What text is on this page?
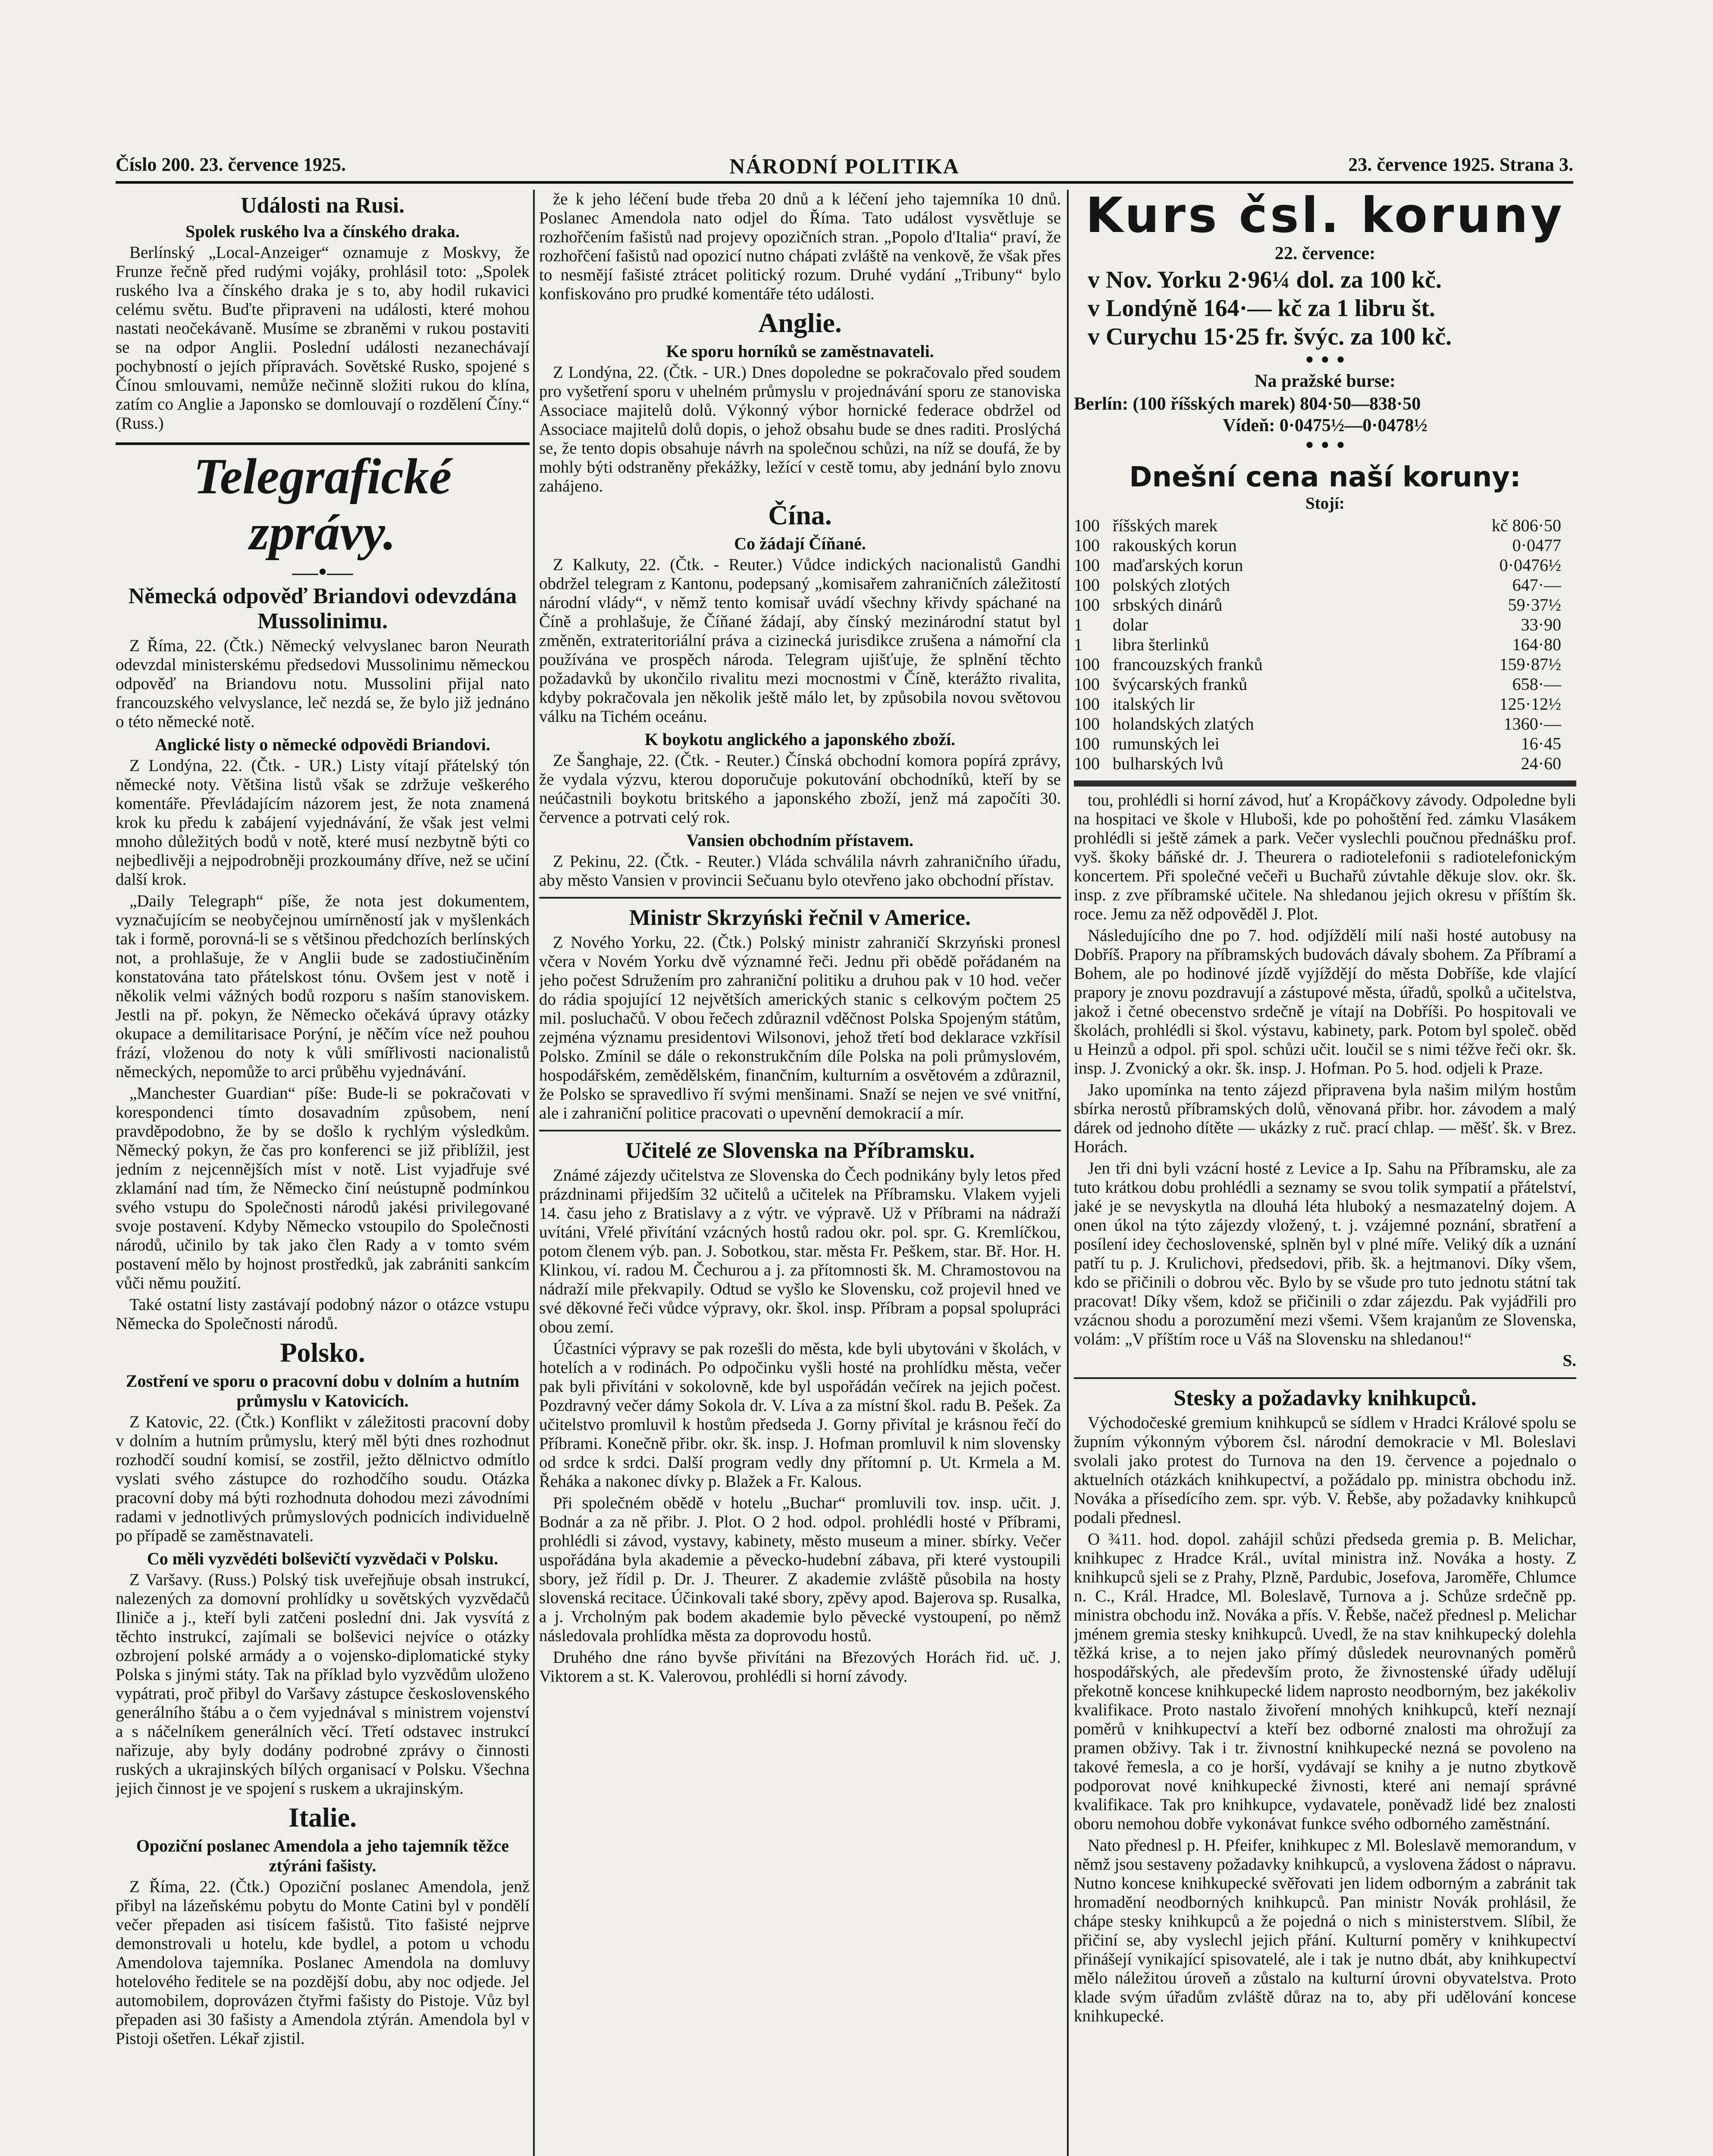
Číslo 200. 23. července 1925.	NÁRODNÍ POLITIKA	23. července 1925. Strana 3.
Události na Rusi.
Spolek ruského lva a čínského draka.

Berlínský „Local-Anzeiger“ oznamuje z Moskvy, že Frunze řečně před rudými vojáky, prohlásil toto: „Spolek ruského lva a čínského draka je s to, aby hodil rukavici celému světu. Buďte připraveni na události, které mohou nastati neočekávaně. Musíme se zbraněmi v rukou postaviti se na odpor Anglii. Poslední události nezanechávají pochybností o jejích přípravách. Sovětské Rusko, spojené s Čínou smlouvami, nemůže nečinně složiti rukou do klína, zatím co Anglie a Japonsko se domlouvají o rozdělení Číny.“ (Russ.)

Telegrafické zprávy.
—•—
Německá odpověď Briandovi odevzdána Mussolinimu.

Z Říma, 22. (Čtk.) Německý velvyslanec baron Neurath odevzdal ministerskému předsedovi Mussolinimu německou odpověď na Briandovu notu. Mussolini přijal nato francouzského velvyslance, leč nezdá se, že bylo již jednáno o této německé notě.

Anglické listy o německé odpovědi Briandovi.

Z Londýna, 22. (Čtk. - UR.) Listy vítají přátelský tón německé noty. Většina listů však se zdržuje veškerého komentáře. Převládajícím názorem jest, že nota znamená krok ku předu k zabájení vyjednávání, že však jest velmi mnoho důležitých bodů v notě, které musí nezbytně býti co nejbedlivěji a nejpodrobněji prozkoumány dříve, než se učiní další krok.

„Daily Telegraph“ píše, že nota jest dokumentem, vyznačujícím se neobyčejnou umírněností jak v myšlenkách tak i formě, porovná-li se s většinou předchozích berlínských not, a prohlašuje, že v Anglii bude se zadostiučiněním konstatována tato přátelskost tónu. Ovšem jest v notě i několik velmi vážných bodů rozporu s naším stanoviskem. Jestli na př. pokyn, že Německo očekává úpravy otázky okupace a demilitarisace Porýní, je něčím více než pouhou frází, vloženou do noty k vůli smířlivosti nacionalistů německých, nepomůže to arci průběhu vyjednávání.

„Manchester Guardian“ píše: Bude-li se pokračovati v korespondenci tímto dosavadním způsobem, není pravděpodobno, že by se došlo k rychlým výsledkům. Německý pokyn, že čas pro konferenci se již přiblížil, jest jedním z nejcennějších míst v notě. List vyjadřuje své zklamání nad tím, že Německo činí neústupně podmínkou svého vstupu do Společnosti národů jakési privilegované svoje postavení. Kdyby Německo vstoupilo do Společnosti národů, učinilo by tak jako člen Rady a v tomto svém postavení mělo by hojnost prostředků, jak zabrániti sankcím vůči němu použití.

Také ostatní listy zastávají podobný názor o otázce vstupu Německa do Společnosti národů.

Polsko.
Zostření ve sporu o pracovní dobu v dolním a hutním průmyslu v Katovicích.

Z Katovic, 22. (Čtk.) Konflikt v záležitosti pracovní doby v dolním a hutním průmyslu, který měl býti dnes rozhodnut rozhodčí soudní komisí, se zostřil, ježto dělnictvo odmítlo vyslati svého zástupce do rozhodčího soudu. Otázka pracovní doby má býti rozhodnuta dohodou mezi závodními radami v jednotlivých průmyslových podnicích individuelně po případě se zaměstnavateli.

Co měli vyzvědéti bolševičtí vyzvědači v Polsku.

Z Varšavy. (Russ.) Polský tisk uveřejňuje obsah instrukcí, nalezených za domovní prohlídky u sovětských vyzvědačů Iliniče a j., kteří byli zatčeni poslední dni. Jak vysvítá z těchto instrukcí, zajímali se bolševici nejvíce o otázky ozbrojení polské armády a o vojensko-diplomatické styky Polska s jinými státy. Tak na příklad bylo vyzvědům uloženo vypátrati, proč přibyl do Varšavy zástupce československého generálního štábu a o čem vyjednával s ministrem vojenství a s náčelníkem generálních věcí. Třetí odstavec instrukcí nařizuje, aby byly dodány podrobné zprávy o činnosti ruských a ukrajinských bílých organisací v Polsku. Všechna jejich činnost je ve spojení s ruskem a ukrajinským.

Italie.
Opoziční poslanec Amendola a jeho tajemník těžce ztýráni fašisty.

Z Říma, 22. (Čtk.) Opoziční poslanec Amendola, jenž přibyl na lázeňskému pobytu do Monte Catini byl v pondělí večer přepaden asi tisícem fašistů. Tito fašisté nejprve demonstrovali u hotelu, kde bydlel, a potom u vchodu Amendolova tajemníka. Poslanec Amendola na domluvy hotelového ředitele se na pozdější dobu, aby noc odjede. Jel automobilem, doprovázen čtyřmi fašisty do Pistoje. Vůz byl přepaden asi 30 fašisty a Amendola ztýrán. Amendola byl v Pistoji ošetřen. Lékař zjistil.

že k jeho léčení bude třeba 20 dnů a k léčení jeho tajemníka 10 dnů. Poslanec Amendola nato odjel do Říma. Tato událost vysvětluje se rozhořčením fašistů nad projevy opozičních stran. „Popolo d'Italia“ praví, že rozhořčení fašistů nad opozicí nutno chápati zvláště na venkově, že však přes to nesmějí fašisté ztrácet politický rozum. Druhé vydání „Tribuny“ bylo konfiskováno pro prudké komentáře této události.

Anglie.
Ke sporu horníků se zaměstnavateli.

Z Londýna, 22. (Čtk. - UR.) Dnes dopoledne se pokračovalo před soudem pro vyšetření sporu v uhelném průmyslu v projednávání sporu ze stanoviska Associace majitelů dolů. Výkonný výbor hornické federace obdržel od Associace majitelů dolů dopis, o jehož obsahu bude se dnes raditi. Proslýchá se, že tento dopis obsahuje návrh na společnou schůzi, na níž se doufá, že by mohly býti odstraněny překážky, ležící v cestě tomu, aby jednání bylo znovu zahájeno.

Čína.
Co žádají Číňané.

Z Kalkuty, 22. (Čtk. - Reuter.) Vůdce indických nacionalistů Gandhi obdržel telegram z Kantonu, podepsaný „komisařem zahraničních záležitostí národní vlády“, v němž tento komisař uvádí všechny křivdy spáchané na Číně a prohlašuje, že Číňané žádají, aby čínský mezinárodní statut byl změněn, extrateritoriální práva a cizinecká jurisdikce zrušena a námořní cla používána ve prospěch národa. Telegram ujišťuje, že splnění těchto požadavků by ukončilo rivalitu mezi mocnostmi v Číně, kterážto rivalita, kdyby pokračovala jen několik ještě málo let, by způsobila novou světovou válku na Tichém oceánu.

K boykotu anglického a japonského zboží.

Ze Šanghaje, 22. (Čtk. - Reuter.) Čínská obchodní komora popírá zprávy, že vydala výzvu, kterou doporučuje pokutování obchodníků, kteří by se neúčastnili boykotu britského a japonského zboží, jenž má započíti 30. července a potrvati celý rok.

Vansien obchodním přístavem.

Z Pekinu, 22. (Čtk. - Reuter.) Vláda schválila návrh zahraničního úřadu, aby město Vansien v provincii Sečuanu bylo otevřeno jako obchodní přístav.

Ministr Skrzyński řečnil v Americe.

Z Nového Yorku, 22. (Čtk.) Polský ministr zahraničí Skrzyński pronesl včera v Novém Yorku dvě významné řeči. Jednu při obědě pořádaném na jeho počest Sdružením pro zahraniční politiku a druhou pak v 10 hod. večer do rádia spojující 12 největších amerických stanic s celkovým počtem 25 mil. posluchačů. V obou řečech zdůraznil vděčnost Polska Spojeným státům, zejména významu presidentovi Wilsonovi, jehož třetí bod deklarace vzkřísil Polsko. Zmínil se dále o rekonstrukčním díle Polska na poli průmyslovém, hospodářském, zemědělském, finančním, kulturním a osvětovém a zdůraznil, že Polsko se spravedlivo ří svými menšinami. Snaží se nejen ve své vnitřní, ale i zahraniční politice pracovati o upevnění demokracií a mír.

Učitelé ze Slovenska na Příbramsku.

Známé zájezdy učitelstva ze Slovenska do Čech podnikány byly letos před prázdninami přijedším 32 učitelů a učitelek na Příbramsku. Vlakem vyjeli 14. času jeho z Bratislavy a z výtr. ve výpravě. Už v Příbrami na nádraží uvítáni, Vřelé přivítání vzácných hostů radou okr. pol. spr. G. Kremlíčkou, potom členem výb. pan. J. Sobotkou, star. města Fr. Peškem, star. Bř. Hor. H. Klinkou, ví. radou M. Čechurou a j. za přítomnosti šk. M. Chramostovou na nádraží mile překvapily. Odtud se vyšlo ke Slovensku, což projevil hned ve své děkovné řeči vůdce výpravy, okr. škol. insp. Příbram a popsal spolupráci obou zemí.

Účastníci výpravy se pak rozešli do města, kde byli ubytováni v školách, v hotelích a v rodinách. Po odpočinku vyšli hosté na prohlídku města, večer pak byli přivítáni v sokolovně, kde byl uspořádán večírek na jejich počest. Pozdravný večer dámy Sokola dr. V. Líva a za místní škol. radu B. Pešek. Za učitelstvo promluvil k hostům předseda J. Gorny přivítal je krásnou řečí do Příbrami. Konečně přibr. okr. šk. insp. J. Hofman promluvil k nim slovensky od srdce k srdci. Další program vedly dny přítomní p. Ut. Krmela a M. Řeháka a nakonec dívky p. Blažek a Fr. Kalous.

Při společném obědě v hotelu „Buchar“ promluvili tov. insp. učit. J. Bodnár a za ně přibr. J. Plot. O 2 hod. odpol. prohlédli hosté v Příbrami, prohlédli si závod, vystavy, kabinety, město museum a miner. sbírky. Večer uspořádána byla akademie a pěvecko-hudební zábava, při které vystoupili sbory, jež řídil p. Dr. J. Theurer. Z akademie zvláště působila na hosty slovenská recitace. Účinkovali také sbory, zpěvy apod. Bajerova sp. Rusalka, a j. Vrcholným pak bodem akademie bylo pěvecké vystoupení, po němž následovala prohlídka města za doprovodu hostů.

Druhého dne ráno byvše přivítáni na Březových Horách řid. uč. J. Viktorem a st. K. Valerovou, prohlédli si horní závody.

Kurs čsl. koruny

22. července:

v Nov. Yorku 2·96¼ dol. za 100 kč.

v Londýně 164·— kč za 1 libru št.

v Curychu 15·25 fr. švýc. za 100 kč.

• • •

Na pražské burse:

Berlín: (100 říšských marek) 804·50—838·50

Vídeň: 0·0475½—0·0478½

• • •
Dnešní cena naší koruny:

Stojí:

100	říšských marek	kč 806·50
100	rakouských korun	0·0477
100	maďarských korun	0·0476½
100	polských zlotých	647·—
100	srbských dinárů	59·37½
1	dolar	33·90
1	libra šterlinků	164·80
100	francouzských franků	159·87½
100	švýcarských franků	658·—
100	italských lir	125·12½
100	holandských zlatých	1360·—
100	rumunských lei	16·45
100	bulharských lvů	24·60

tou, prohlédli si horní závod, huť a Kropáčkovy závody. Odpoledne byli na hospitaci ve škole v Hluboši, kde po pohoštění řed. zámku Vlasákem prohlédli si ještě zámek a park. Večer vyslechli poučnou přednášku prof. vyš. škoky báňské dr. J. Theurera o radiotelefonii s radiotelefonickým koncertem. Při společné večeři u Buchařů zúvtahle děkuje slov. okr. šk. insp. z zve příbramské učitele. Na shledanou jejich okresu v příštím šk. roce. Jemu za něž odpověděl J. Plot.

Následujícího dne po 7. hod. odjíždělí milí naši hosté autobusy na Dobříš. Prapory na příbramských budovách dávaly sbohem. Za Příbramí a Bohem, ale po hodinové jízdě vyjíždějí do města Dobříše, kde vlající prapory je znovu pozdravují a zástupové města, úřadů, spolků a učitelstva, jakož i četné obecenstvo srdečně je vítají na Dobříši. Po hospitovali ve školách, prohlédli si škol. výstavu, kabinety, park. Potom byl společ. oběd u Heinzů a odpol. při spol. schůzi učit. loučil se s nimi téžve řeči okr. šk. insp. J. Zvonický a okr. šk. insp. J. Hofman. Po 5. hod. odjeli k Praze.

Jako upomínka na tento zájezd připravena byla našim milým hostům sbírka nerostů příbramských dolů, věnovaná přibr. hor. závodem a malý dárek od jednoho dítěte — ukázky z ruč. prací chlap. — měšť. šk. v Brez. Horách.

Jen tři dni byli vzácní hosté z Levice a Ip. Sahu na Příbramsku, ale za tuto krátkou dobu prohlédli a seznamy se svou tolik sympatií a přátelství, jaké je se nevyskytla na dlouhá léta hluboký a nesmazatelný dojem. A onen úkol na týto zájezdy vložený, t. j. vzájemné poznání, sbratření a posílení idey čechoslovenské, splněn byl v plné míře. Veliký dík a uznání patří tu p. J. Krulichovi, předsedovi, přib. šk. a hejtmanovi. Díky všem, kdo se přičinili o dobrou věc. Bylo by se všude pro tuto jednotu státní tak pracovat! Díky všem, kdož se přičinili o zdar zájezdu. Pak vyjádřili pro vzácnou shodu a porozumění mezi všemi. Všem krajanům ze Slovenska, volám: „V příštím roce u Váš na Slovensku na shledanou!“

S.

Stesky a požadavky knihkupců.

Východočeské gremium knihkupců se sídlem v Hradci Králové spolu se župním výkonným výborem čsl. národní demokracie v Ml. Boleslavi svolali jako protest do Turnova na den 19. července a pojednalo o aktuelních otázkách knihkupectví, a požádalo pp. ministra obchodu inž. Nováka a přísedícího zem. spr. výb. V. Řebše, aby požadavky knihkupců podali přednesl.

O ¾11. hod. dopol. zahájil schůzi předseda gremia p. B. Melichar, knihkupec z Hradce Král., uvítal ministra inž. Nováka a hosty. Z knihkupců sjeli se z Prahy, Plzně, Pardubic, Josefova, Jaroměře, Chlumce n. C., Král. Hradce, Ml. Boleslavě, Turnova a j. Schůze srdečně pp. ministra obchodu inž. Nováka a přís. V. Řebše, načež přednesl p. Melichar jménem gremia stesky knihkupců. Uvedl, že na stav knihkupecký dolehla těžká krise, a to nejen jako přímý důsledek neurovnaných poměrů hospodářských, ale především proto, že živnostenské úřady udělují překotně koncese knihkupecké lidem naprosto neodborným, bez jakékoliv kvalifikace. Proto nastalo živoření mnohých knihkupců, kteří neznají poměrů v knihkupectví a kteří bez odborné znalosti ma ohrožují za pramen obživy. Tak i tr. živnostní knihkupecké nezná se povoleno na takové řemesla, a co je horší, vydávají se knihy a je nutno zbytkově podporovat nové knihkupecké živnosti, které ani nemají správné kvalifikace. Tak pro knihkupce, vydavatele, poněvadž lidé bez znalosti oboru nemohou dobře vykonávat funkce svého odborného zaměstnání.

Nato přednesl p. H. Pfeifer, knihkupec z Ml. Boleslavě memorandum, v němž jsou sestaveny požadavky knihkupců, a vyslovena žádost o nápravu. Nutno koncese knihkupecké svěřovati jen lidem odborným a zabránit tak hromadění neodborných knihkupců. Pan ministr Novák prohlásil, že chápe stesky knihkupců a že pojedná o nich s ministerstvem. Slíbil, že přičiní se, aby vyslechl jejich přání. Kulturní poměry v knihkupectví přinášejí vynikající spisovatelé, ale i tak je nutno dbát, aby knihkupectví mělo náležitou úroveň a zůstalo na kulturní úrovni obyvatelstva. Proto klade svým úřadům zvláště důraz na to, aby při udělování koncese knihkupecké.
